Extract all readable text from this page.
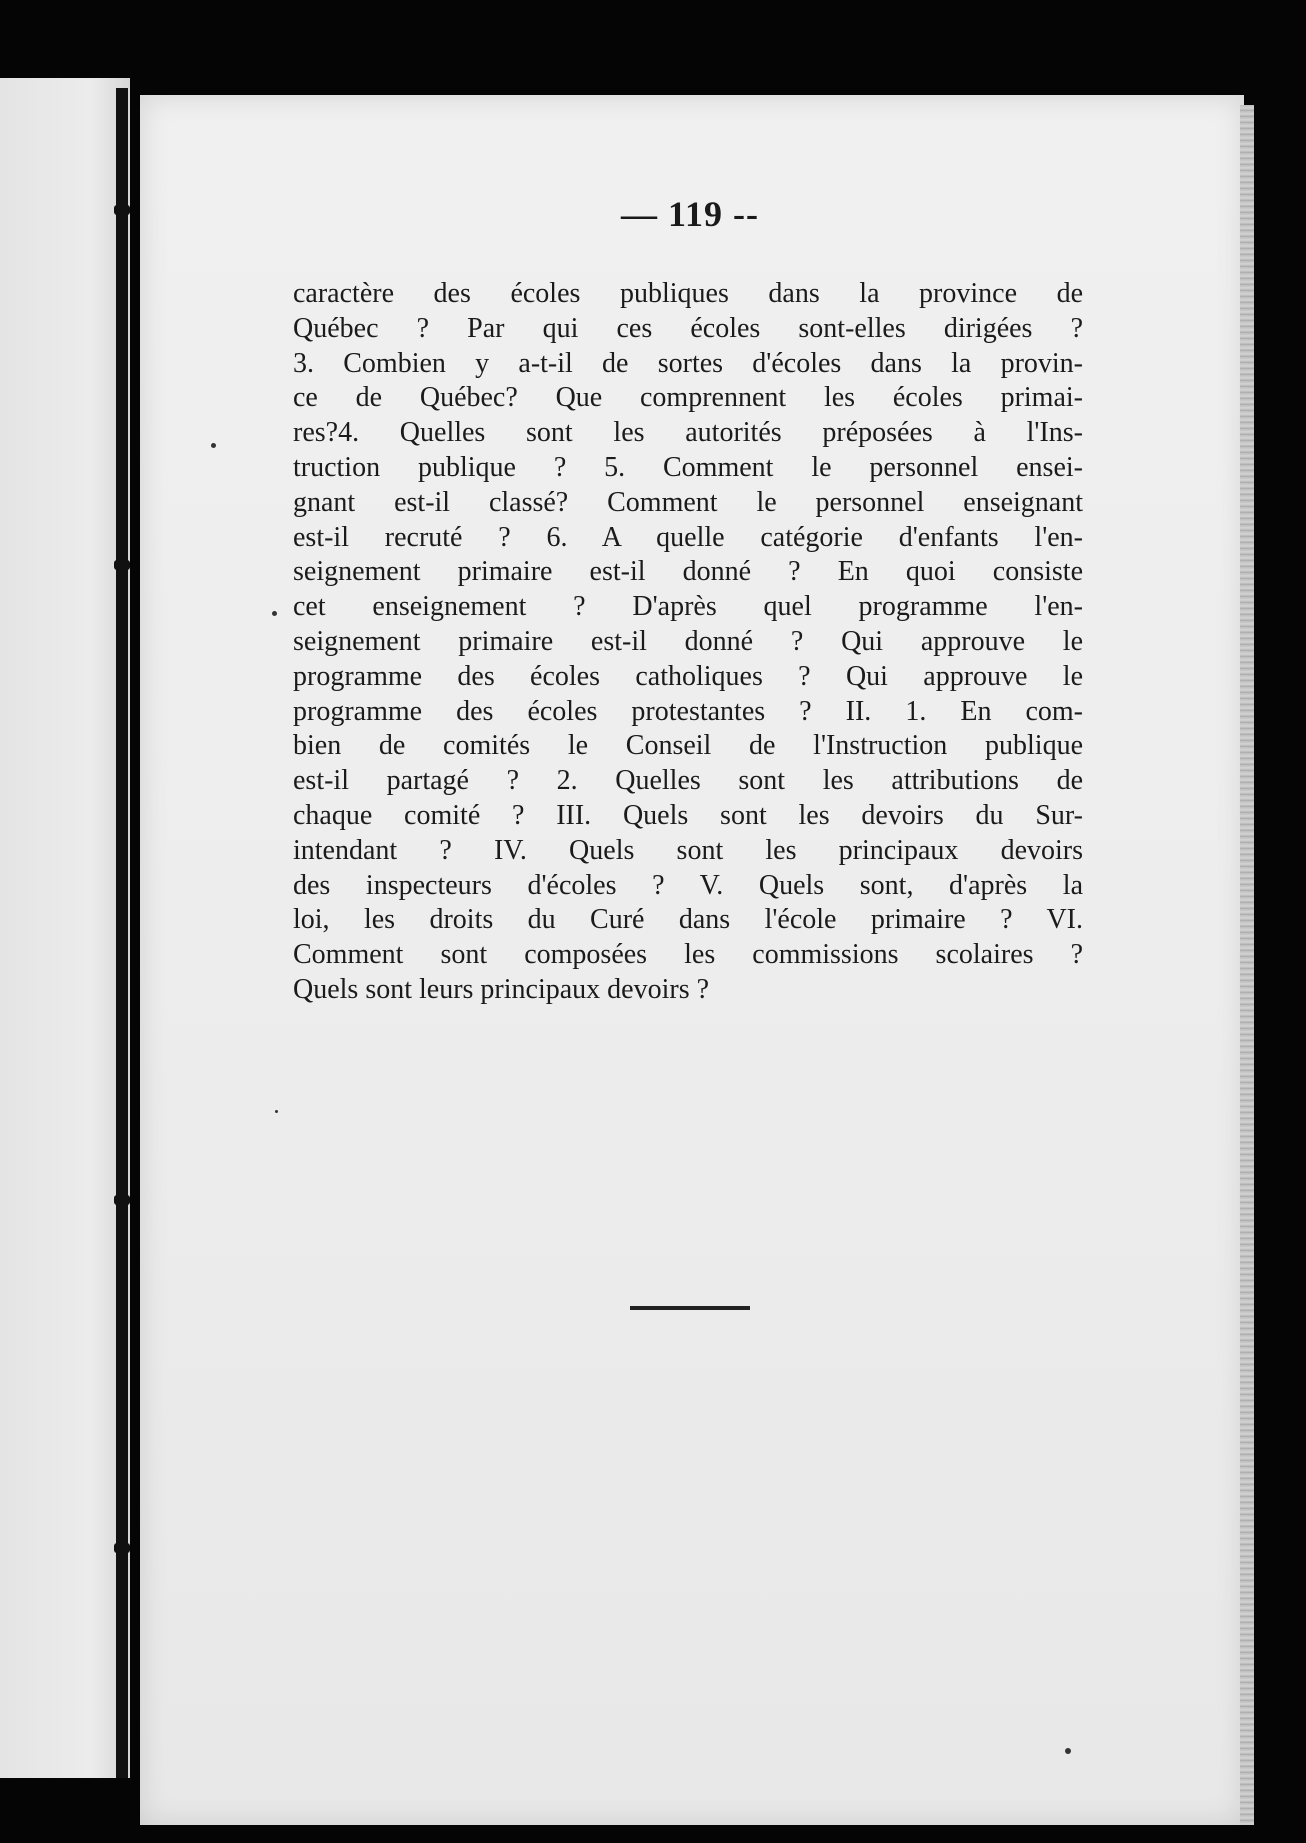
— 119 --
caractère des écoles publiques dans la province de
Québec ? Par qui ces écoles sont-elles dirigées ?
3. Combien y a-t-il de sortes d'écoles dans la provin-
ce de Québec? Que comprennent les écoles primai-
res?4. Quelles sont les autorités préposées à l'Ins-
truction publique ? 5. Comment le personnel ensei-
gnant est-il classé? Comment le personnel enseignant
est-il recruté ? 6. A quelle catégorie d'enfants l'en-
seignement primaire est-il donné ? En quoi consiste
cet enseignement ? D'après quel programme l'en-
seignement primaire est-il donné ? Qui approuve le
programme des écoles catholiques ? Qui approuve le
programme des écoles protestantes ? II. 1. En com-
bien de comités le Conseil de l'Instruction publique
est-il partagé ? 2. Quelles sont les attributions de
chaque comité ? III. Quels sont les devoirs du Sur-
intendant ? IV. Quels sont les principaux devoirs
des inspecteurs d'écoles ? V. Quels sont, d'après la
loi, les droits du Curé dans l'école primaire ? VI.
Comment sont composées les commissions scolaires ?
Quels sont leurs principaux devoirs ?
